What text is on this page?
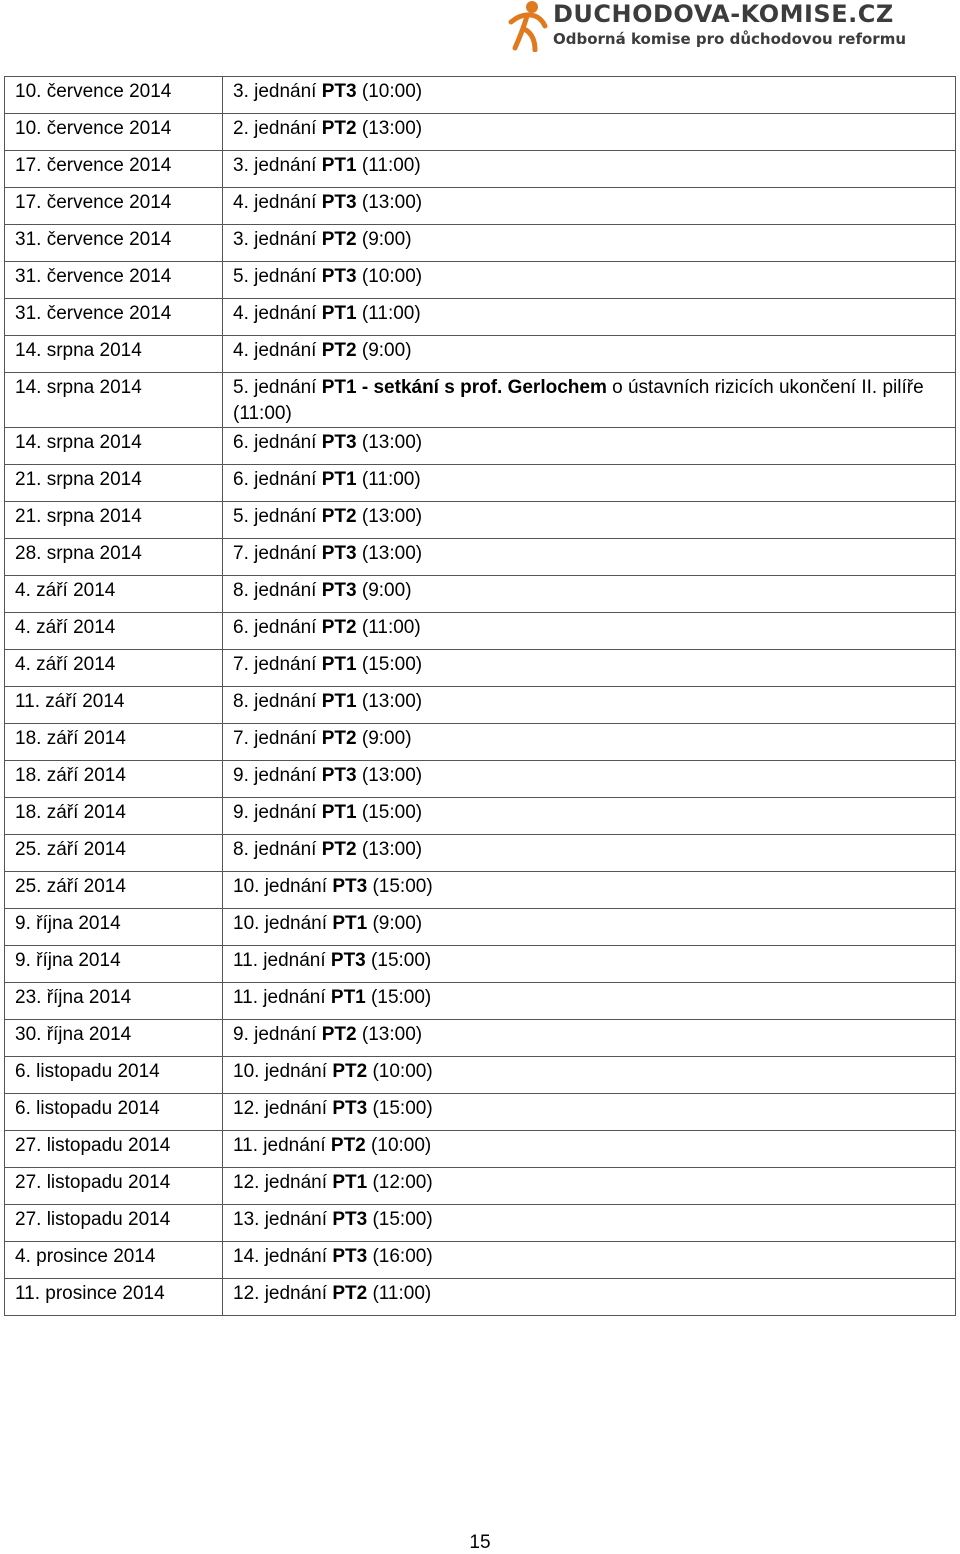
DUCHODOVA-KOMISE.CZ
Odborná komise pro důchodovou reformu
10. července 2014	3. jednání PT3 (10:00)
10. července 2014	2. jednání PT2 (13:00)
17. července 2014	3. jednání PT1 (11:00)
17. července 2014	4. jednání PT3 (13:00)
31. července 2014	3. jednání PT2 (9:00)
31. července 2014	5. jednání PT3 (10:00)
31. července 2014	4. jednání PT1 (11:00)
14. srpna 2014	4. jednání PT2 (9:00)
14. srpna 2014	5. jednání PT1 - setkání s prof. Gerlochem o ústavních rizicích ukončení II. pilíře (11:00)
14. srpna 2014	6. jednání PT3 (13:00)
21. srpna 2014	6. jednání PT1 (11:00)
21. srpna 2014	5. jednání PT2 (13:00)
28. srpna 2014	7. jednání PT3 (13:00)
4. září 2014	8. jednání PT3 (9:00)
4. září 2014	6. jednání PT2 (11:00)
4. září 2014	7. jednání PT1 (15:00)
11. září 2014	8. jednání PT1 (13:00)
18. září 2014	7. jednání PT2 (9:00)
18. září 2014	9. jednání PT3 (13:00)
18. září 2014	9. jednání PT1 (15:00)
25. září 2014	8. jednání PT2 (13:00)
25. září 2014	10. jednání PT3 (15:00)
9. října 2014	10. jednání PT1 (9:00)
9. října 2014	11. jednání PT3 (15:00)
23. října 2014	11. jednání PT1 (15:00)
30. října 2014	9. jednání PT2 (13:00)
6. listopadu 2014	10. jednání PT2 (10:00)
6. listopadu 2014	12. jednání PT3 (15:00)
27. listopadu 2014	11. jednání PT2 (10:00)
27. listopadu 2014	12. jednání PT1 (12:00)
27. listopadu 2014	13. jednání PT3 (15:00)
4. prosince 2014	14. jednání PT3 (16:00)
11. prosince 2014	12. jednání PT2 (11:00)
15
